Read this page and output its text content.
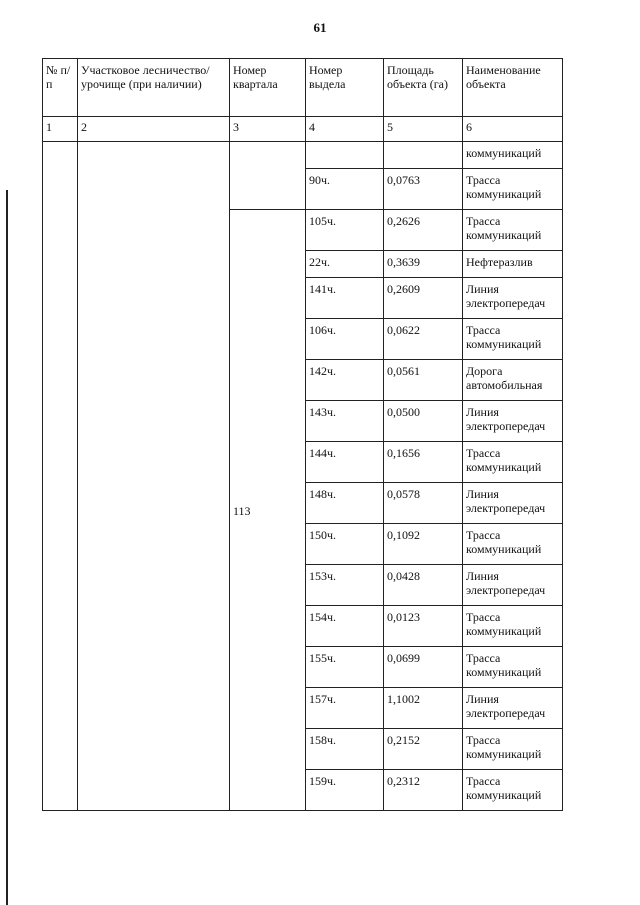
61
№ п/п	Участковое лесничество/урочище (при наличии)	Номер квартала	Номер выдела	Площадь объекта (га)	Наименование объекта
1	2	3	4	5	6
					коммуникаций
			90ч.	0,0763	Трасса коммуникаций
		113	105ч.	0,2626	Трасса коммуникаций
			22ч.	0,3639	Нефтеразлив
			141ч.	0,2609	Линия электропередач
			106ч.	0,0622	Трасса коммуникаций
			142ч.	0,0561	Дорога автомобильная
			143ч.	0,0500	Линия электропередач
			144ч.	0,1656	Трасса коммуникаций
			148ч.	0,0578	Линия электропередач
			150ч.	0,1092	Трасса коммуникаций
			153ч.	0,0428	Линия электропередач
			154ч.	0,0123	Трасса коммуникаций
			155ч.	0,0699	Трасса коммуникаций
			157ч.	1,1002	Линия электропередач
			158ч.	0,2152	Трасса коммуникаций
			159ч.	0,2312	Трасса коммуникаций
